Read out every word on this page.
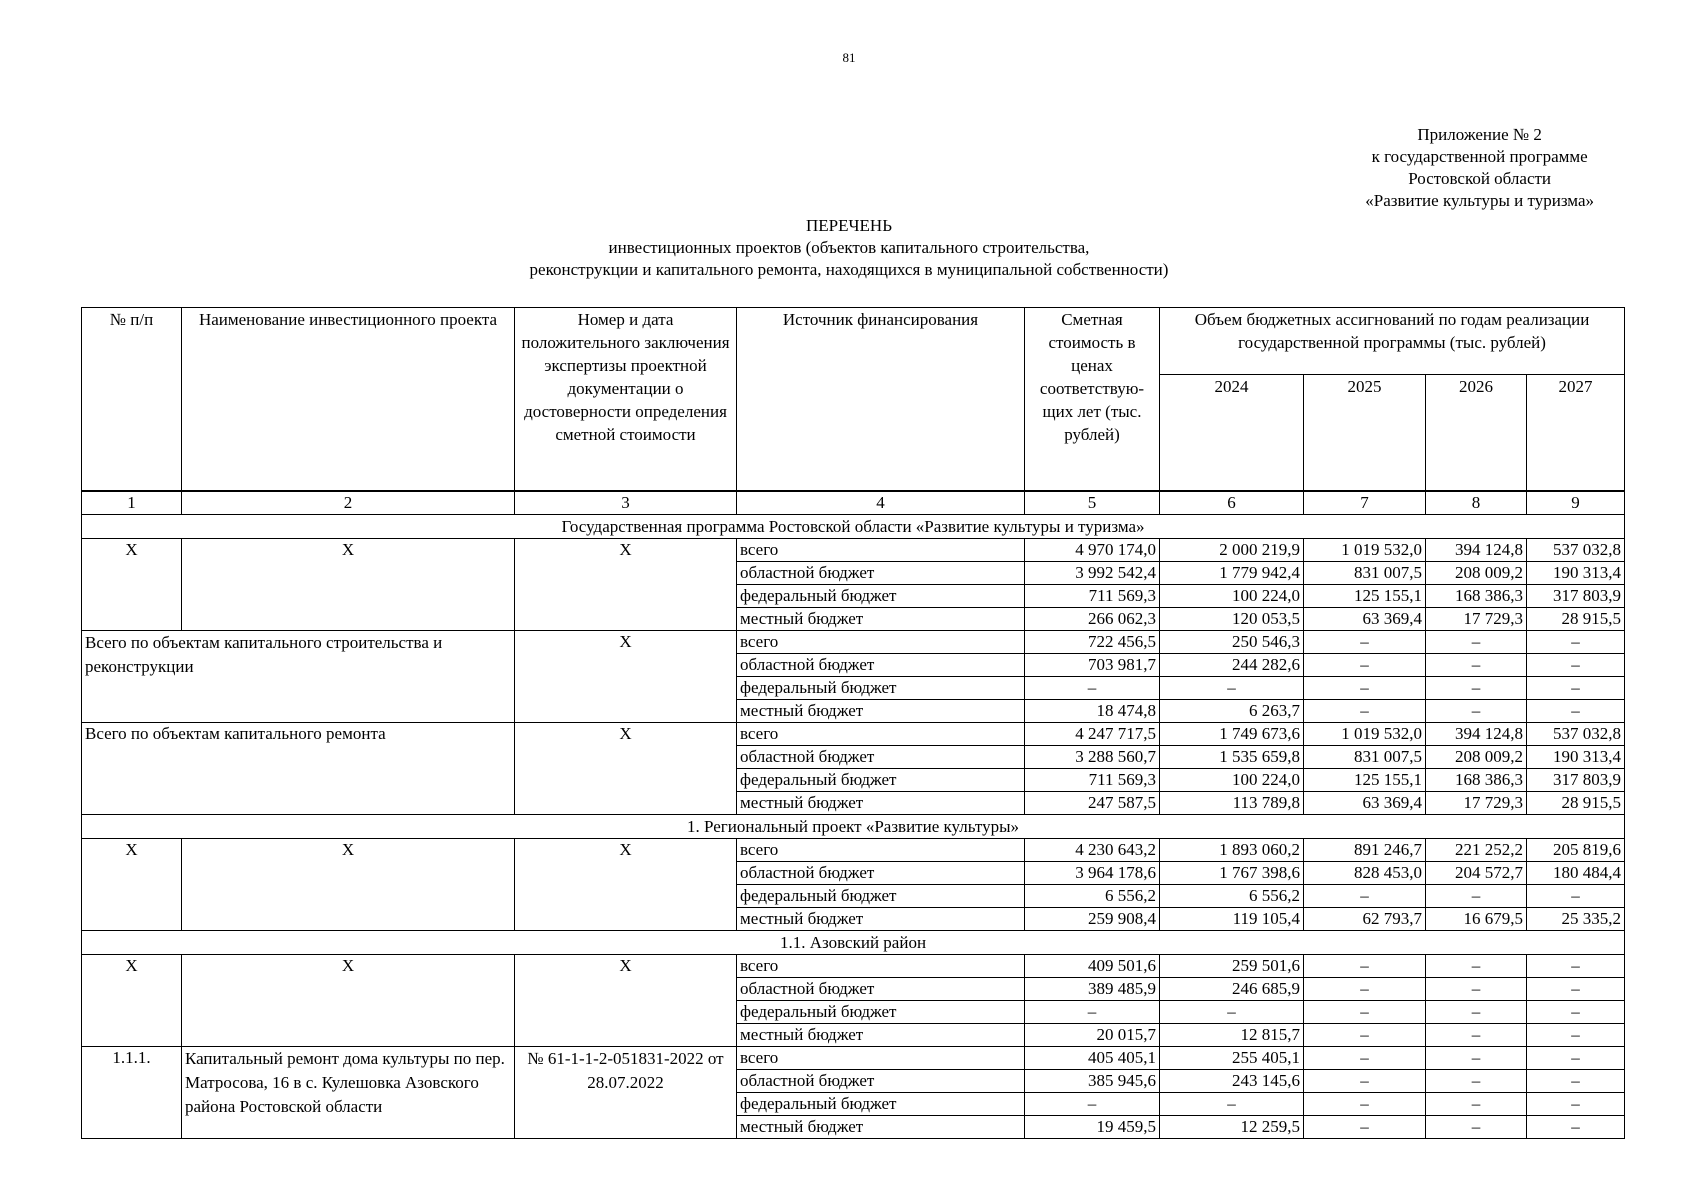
81
Приложение № 2
к государственной программе
Ростовской области
«Развитие культуры и туризма»
ПЕРЕЧЕНЬ
инвестиционных проектов (объектов капитального строительства,
реконструкции и капитального ремонта, находящихся в муниципальной собственности)
№ п/п	Наименование инвестиционного проекта	Номер и дата положительного заключения экспертизы проектной документации о достоверности определения сметной стоимости	Источник финансирования	Сметная стоимость в ценах соответствую-щих лет (тыс. рублей)	Объем бюджетных ассигнований по годам реализации государственной программы (тыс. рублей)			
					2024	2025	2026	2027
1	2	3	4	5	6	7	8	9
Государственная программа Ростовской области «Развитие культуры и туризма»								
Х	Х	Х	всего	4 970 174,0	2 000 219,9	1 019 532,0	394 124,8	537 032,8
			областной бюджет	3 992 542,4	1 779 942,4	831 007,5	208 009,2	190 313,4
			федеральный бюджет	711 569,3	100 224,0	125 155,1	168 386,3	317 803,9
			местный бюджет	266 062,3	120 053,5	63 369,4	17 729,3	28 915,5
Всего по объектам капитального строительства и реконструкции		Х	всего	722 456,5	250 546,3	–	–	–
			областной бюджет	703 981,7	244 282,6	–	–	–
			федеральный бюджет	–	–	–	–	–
			местный бюджет	18 474,8	6 263,7	–	–	–
Всего по объектам капитального ремонта		Х	всего	4 247 717,5	1 749 673,6	1 019 532,0	394 124,8	537 032,8
			областной бюджет	3 288 560,7	1 535 659,8	831 007,5	208 009,2	190 313,4
			федеральный бюджет	711 569,3	100 224,0	125 155,1	168 386,3	317 803,9
			местный бюджет	247 587,5	113 789,8	63 369,4	17 729,3	28 915,5
1. Региональный проект «Развитие культуры»								
Х	Х	Х	всего	4 230 643,2	1 893 060,2	891 246,7	221 252,2	205 819,6
			областной бюджет	3 964 178,6	1 767 398,6	828 453,0	204 572,7	180 484,4
			федеральный бюджет	6 556,2	6 556,2	–	–	–
			местный бюджет	259 908,4	119 105,4	62 793,7	16 679,5	25 335,2
1.1. Азовский район								
Х	Х	Х	всего	409 501,6	259 501,6	–	–	–
			областной бюджет	389 485,9	246 685,9	–	–	–
			федеральный бюджет	–	–	–	–	–
			местный бюджет	20 015,7	12 815,7	–	–	–
1.1.1.	Капитальный ремонт дома культуры по пер. Матросова, 16 в с. Кулешовка Азовского района Ростовской области	№ 61-1-1-2-051831-2022 от 28.07.2022	всего	405 405,1	255 405,1	–	–	–
			областной бюджет	385 945,6	243 145,6	–	–	–
			федеральный бюджет	–	–	–	–	–
			местный бюджет	19 459,5	12 259,5	–	–	–
